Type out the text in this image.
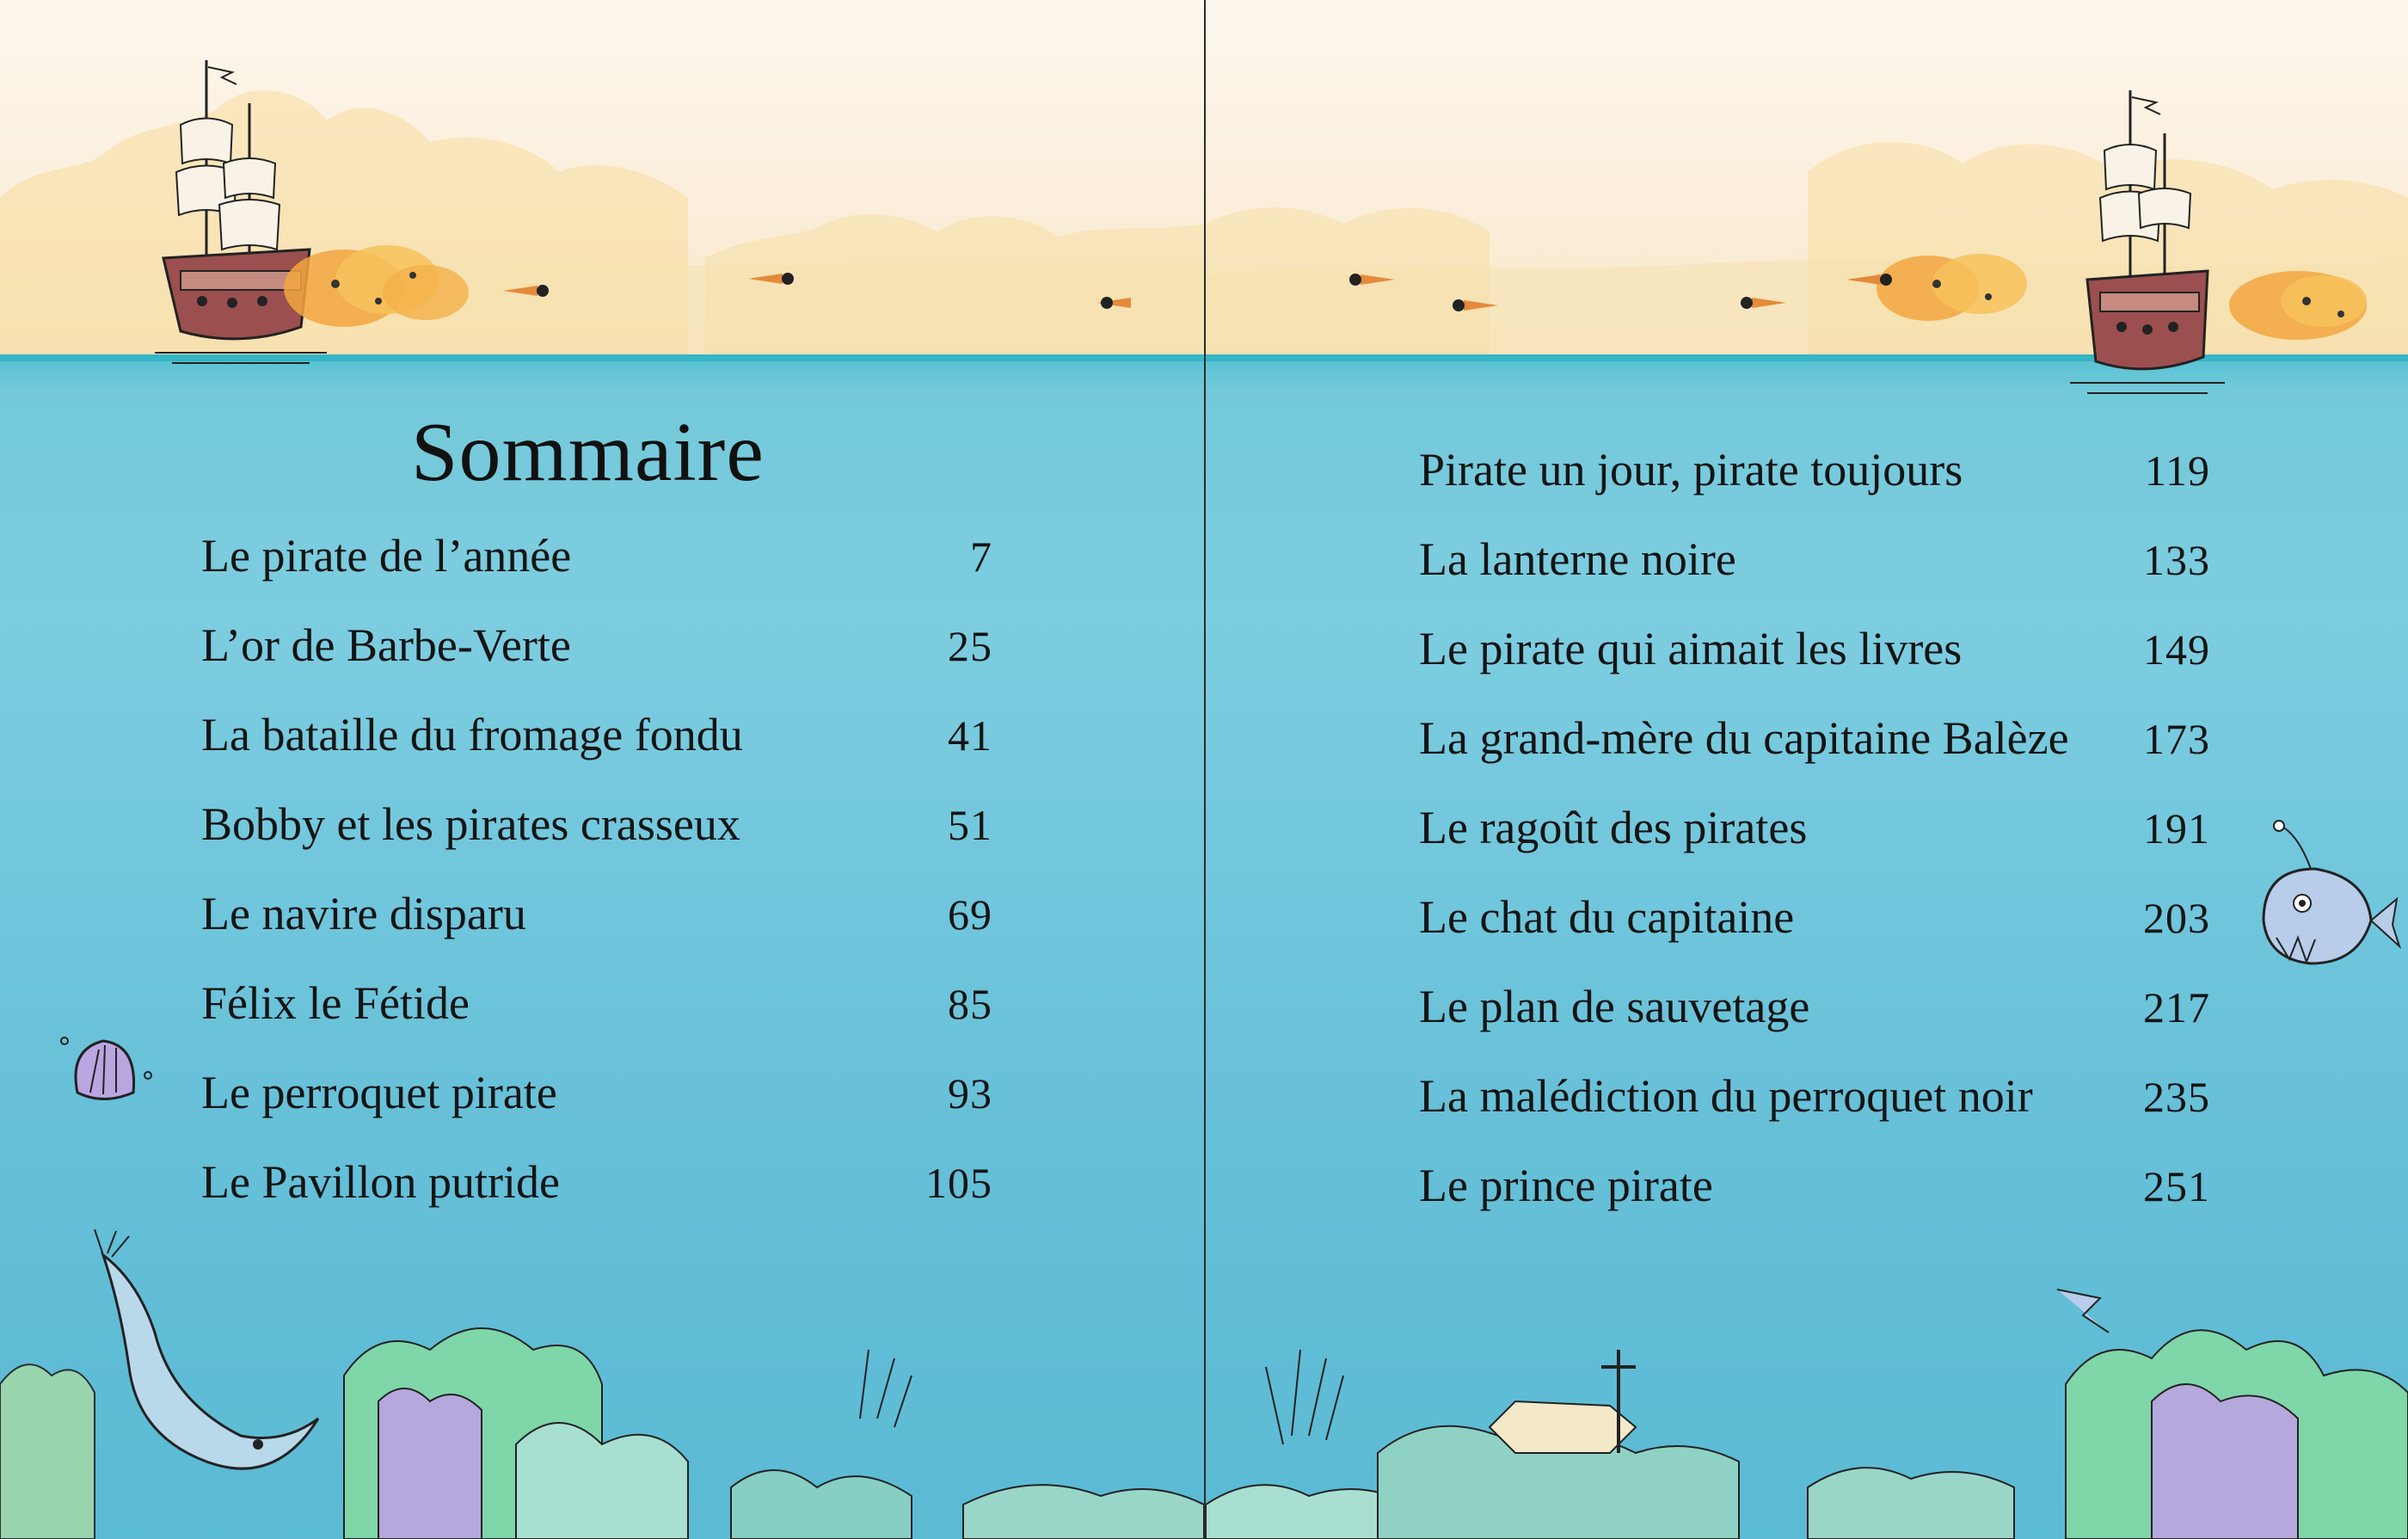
Sommaire
Le pirate de l’année	7
L’or de Barbe-Verte	25
La bataille du fromage fondu	41
Bobby et les pirates crasseux	51
Le navire disparu	69
Félix le Fétide	85
Le perroquet pirate	93
Le Pavillon putride	105
Pirate un jour, pirate toujours	119
La lanterne noire	133
Le pirate qui aimait les livres	149
La grand-mère du capitaine Balèze 173
Le ragoût des pirates	191
Le chat du capitaine	203
Le plan de sauvetage	217
La malédiction du perroquet noir	235
Le prince pirate	251
